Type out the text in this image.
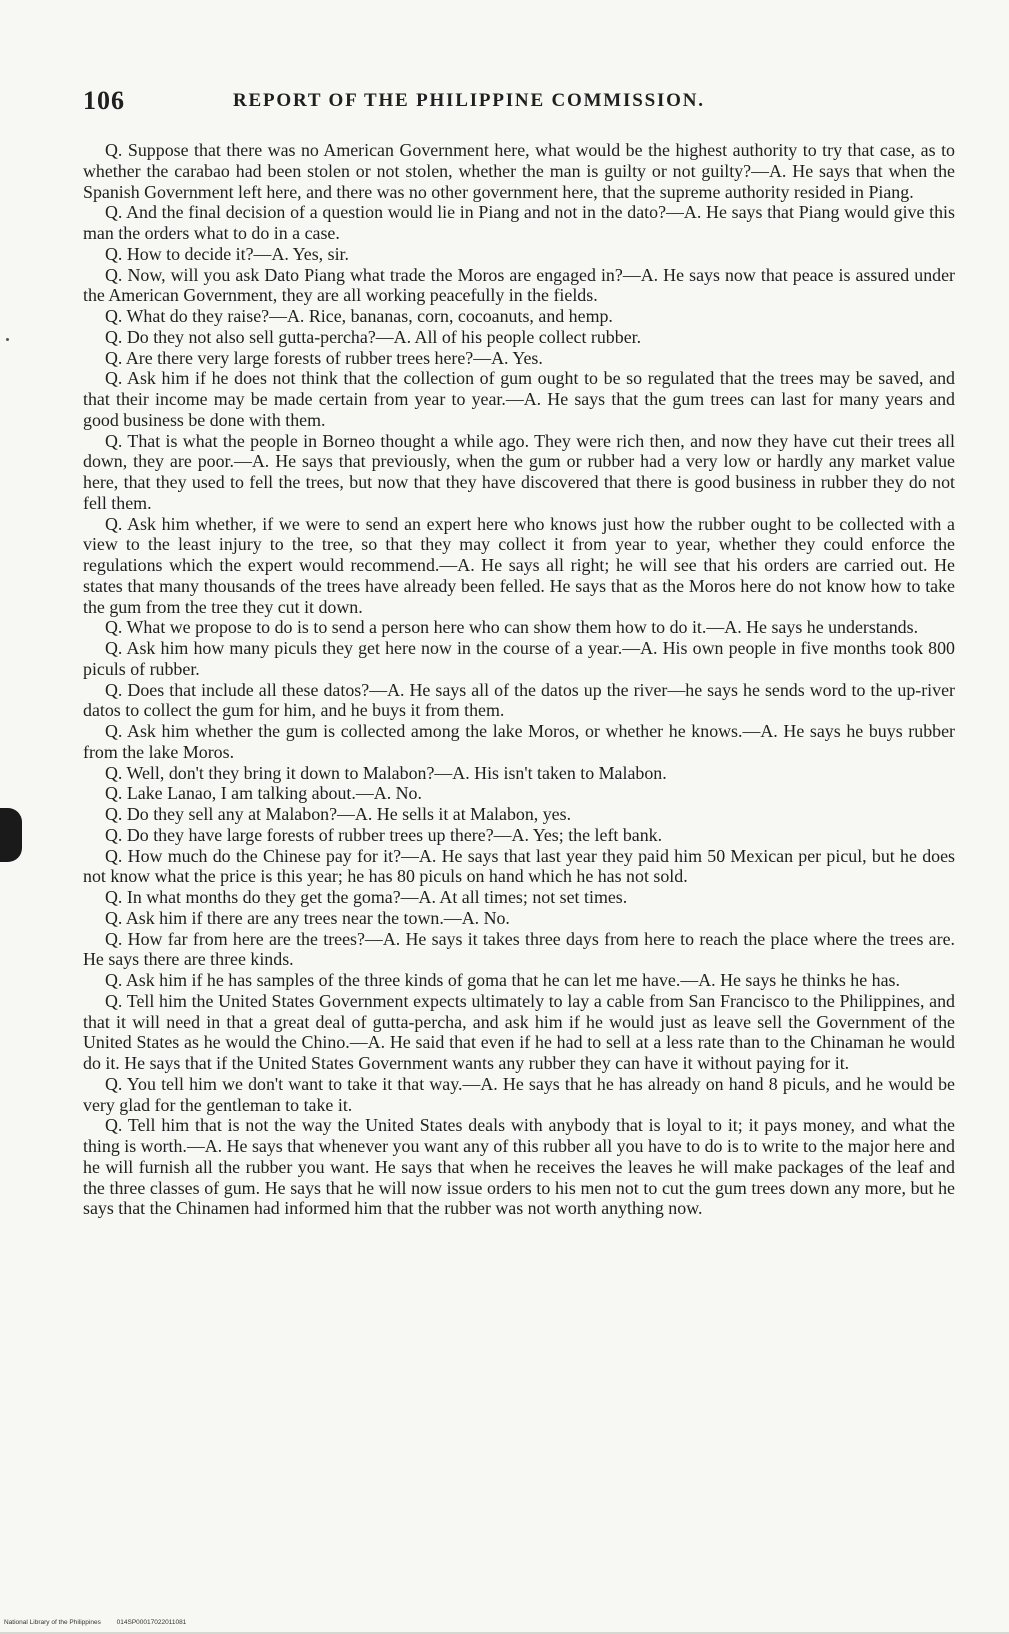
106	REPORT OF THE PHILIPPINE COMMISSION.

Q. Suppose that there was no American Government here, what would be the highest authority to try that case, as to whether the carabao had been stolen or not stolen, whether the man is guilty or not guilty?—A. He says that when the Spanish Government left here, and there was no other government here, that the supreme authority resided in Piang.

Q. And the final decision of a question would lie in Piang and not in the dato?—A. He says that Piang would give this man the orders what to do in a case.

Q. How to decide it?—A. Yes, sir.

Q. Now, will you ask Dato Piang what trade the Moros are engaged in?—A. He says now that peace is assured under the American Government, they are all working peacefully in the fields.

Q. What do they raise?—A. Rice, bananas, corn, cocoanuts, and hemp.

Q. Do they not also sell gutta-percha?—A. All of his people collect rubber.

Q. Are there very large forests of rubber trees here?—A. Yes.

Q. Ask him if he does not think that the collection of gum ought to be so regulated that the trees may be saved, and that their income may be made certain from year to year.—A. He says that the gum trees can last for many years and good business be done with them.

Q. That is what the people in Borneo thought a while ago. They were rich then, and now they have cut their trees all down, they are poor.—A. He says that previously, when the gum or rubber had a very low or hardly any market value here, that they used to fell the trees, but now that they have discovered that there is good business in rubber they do not fell them.

Q. Ask him whether, if we were to send an expert here who knows just how the rubber ought to be collected with a view to the least injury to the tree, so that they may collect it from year to year, whether they could enforce the regulations which the expert would recommend.—A. He says all right; he will see that his orders are carried out. He states that many thousands of the trees have already been felled. He says that as the Moros here do not know how to take the gum from the tree they cut it down.

Q. What we propose to do is to send a person here who can show them how to do it.—A. He says he understands.

Q. Ask him how many piculs they get here now in the course of a year.—A. His own people in five months took 800 piculs of rubber.

Q. Does that include all these datos?—A. He says all of the datos up the river—he says he sends word to the up-river datos to collect the gum for him, and he buys it from them.

Q. Ask him whether the gum is collected among the lake Moros, or whether he knows.—A. He says he buys rubber from the lake Moros.

Q. Well, don't they bring it down to Malabon?—A. His isn't taken to Malabon.

Q. Lake Lanao, I am talking about.—A. No.

Q. Do they sell any at Malabon?—A. He sells it at Malabon, yes.

Q. Do they have large forests of rubber trees up there?—A. Yes; the left bank.

Q. How much do the Chinese pay for it?—A. He says that last year they paid him 50 Mexican per picul, but he does not know what the price is this year; he has 80 piculs on hand which he has not sold.

Q. In what months do they get the goma?—A. At all times; not set times.

Q. Ask him if there are any trees near the town.—A. No.

Q. How far from here are the trees?—A. He says it takes three days from here to reach the place where the trees are. He says there are three kinds.

Q. Ask him if he has samples of the three kinds of goma that he can let me have.—A. He says he thinks he has.

Q. Tell him the United States Government expects ultimately to lay a cable from San Francisco to the Philippines, and that it will need in that a great deal of gutta-percha, and ask him if he would just as leave sell the Government of the United States as he would the Chino.—A. He said that even if he had to sell at a less rate than to the Chinaman he would do it. He says that if the United States Government wants any rubber they can have it without paying for it.

Q. You tell him we don't want to take it that way.—A. He says that he has already on hand 8 piculs, and he would be very glad for the gentleman to take it.

Q. Tell him that is not the way the United States deals with anybody that is loyal to it; it pays money, and what the thing is worth.—A. He says that whenever you want any of this rubber all you have to do is to write to the major here and he will furnish all the rubber you want. He says that when he receives the leaves he will make packages of the leaf and the three classes of gum. He says that he will now issue orders to his men not to cut the gum trees down any more, but he says that the Chinamen had informed him that the rubber was not worth anything now.

National Library of the Philippines 014SP00017022011081
